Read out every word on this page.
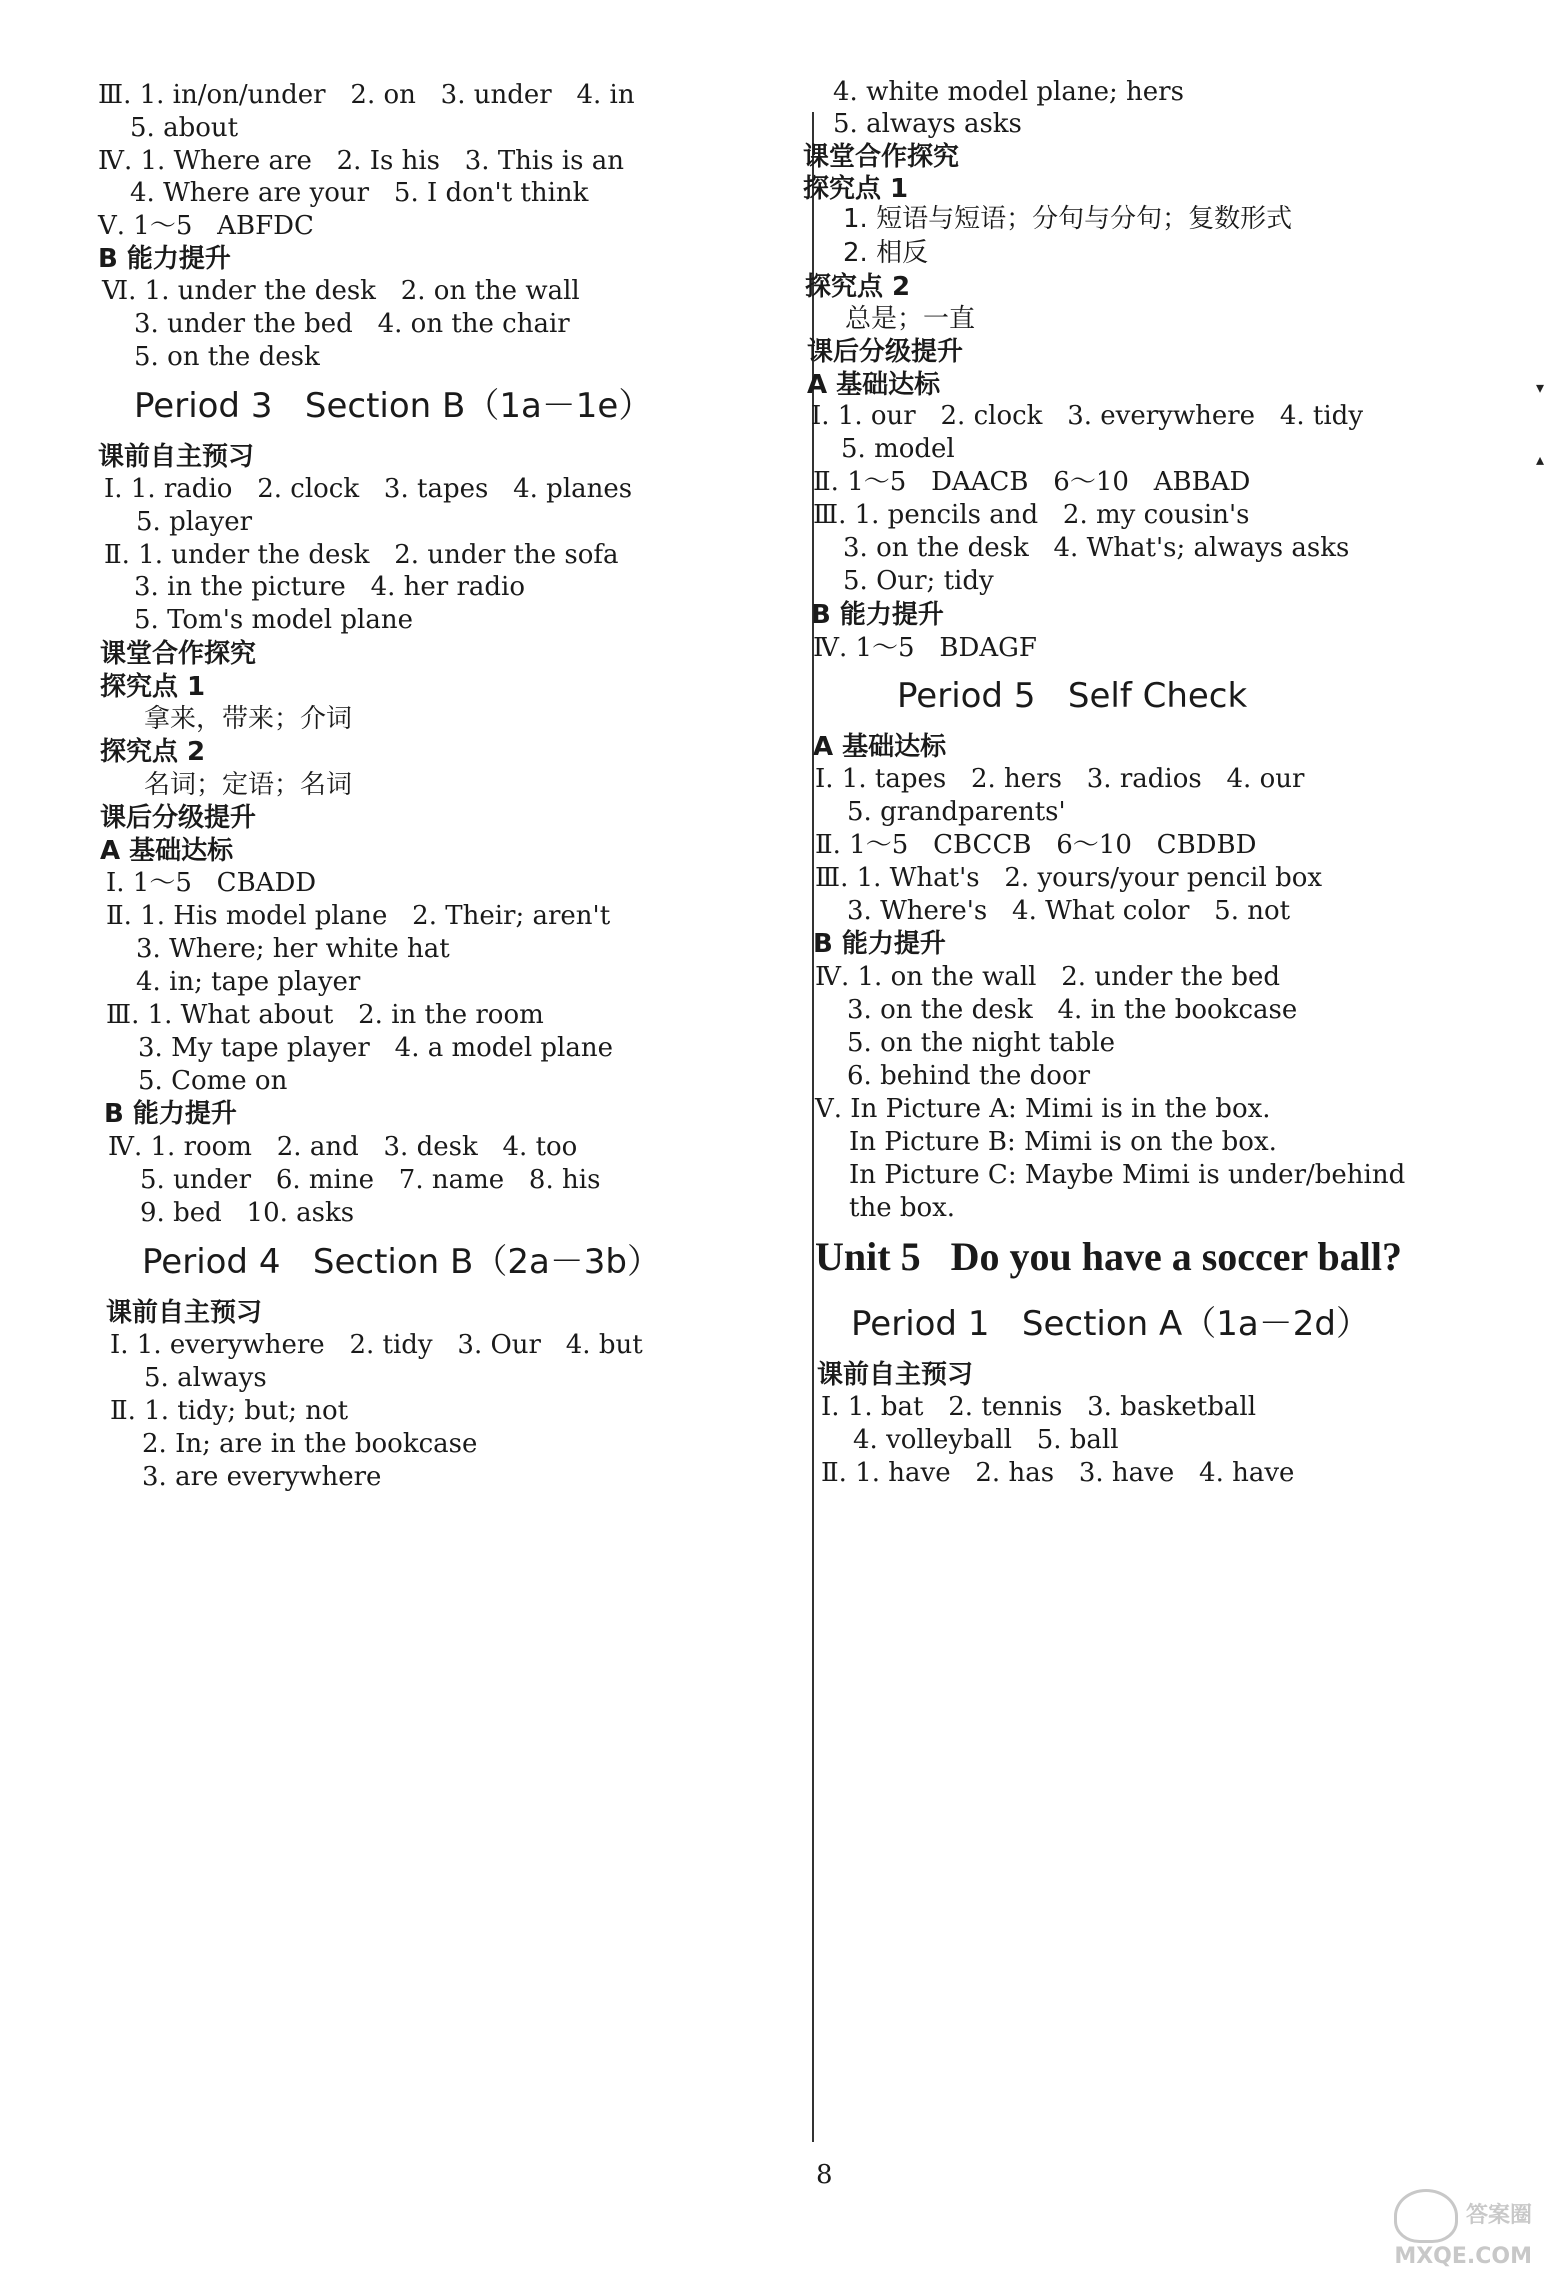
Ⅲ. 1. in/on/under   2. on   3. under   4. in
5. about
Ⅳ. 1. Where are   2. Is his   3. This is an
4. Where are your   5. I don't think
Ⅴ. 1～5   ABFDC
B 能力提升
Ⅵ. 1. under the desk   2. on the wall
3. under the bed   4. on the chair
5. on the desk
Period 3   Section B（1a－1e）
课前自主预习
Ⅰ. 1. radio   2. clock   3. tapes   4. planes
5. player
Ⅱ. 1. under the desk   2. under the sofa
3. in the picture   4. her radio
5. Tom's model plane
课堂合作探究
探究点 1
拿来，带来；介词
探究点 2
名词；定语；名词
课后分级提升
A 基础达标
Ⅰ. 1～5   CBADD
Ⅱ. 1. His model plane   2. Their; aren't
3. Where; her white hat
4. in; tape player
Ⅲ. 1. What about   2. in the room
3. My tape player   4. a model plane
5. Come on
B 能力提升
Ⅳ. 1. room   2. and   3. desk   4. too
5. under   6. mine   7. name   8. his
9. bed   10. asks
Period 4   Section B（2a－3b）
课前自主预习
Ⅰ. 1. everywhere   2. tidy   3. Our   4. but
5. always
Ⅱ. 1. tidy; but; not
2. In; are in the bookcase
3. are everywhere
4. white model plane; hers
5. always asks
课堂合作探究
探究点 1
1. 短语与短语；分句与分句；复数形式
2. 相反
探究点 2
总是；一直
课后分级提升
A 基础达标
Ⅰ. 1. our   2. clock   3. everywhere   4. tidy
5. model
Ⅱ. 1～5   DAACB   6～10   ABBAD
Ⅲ. 1. pencils and   2. my cousin's
3. on the desk   4. What's; always asks
5. Our; tidy
B 能力提升
Ⅳ. 1～5   BDAGF
Period 5   Self Check
A 基础达标
Ⅰ. 1. tapes   2. hers   3. radios   4. our
5. grandparents'
Ⅱ. 1～5   CBCCB   6～10   CBDBD
Ⅲ. 1. What's   2. yours/your pencil box
3. Where's   4. What color   5. not
B 能力提升
Ⅳ. 1. on the wall   2. under the bed
3. on the desk   4. in the bookcase
5. on the night table
6. behind the door
Ⅴ. In Picture A: Mimi is in the box.
In Picture B: Mimi is on the box.
In Picture C: Maybe Mimi is under/behind
the box.
Unit 5   Do you have a soccer ball?
Period 1   Section A（1a－2d）
课前自主预习
Ⅰ. 1. bat   2. tennis   3. basketball
4. volleyball   5. ball
Ⅱ. 1. have   2. has   3. have   4. have
▾
▴
8
答案圈
MXQE.COM
